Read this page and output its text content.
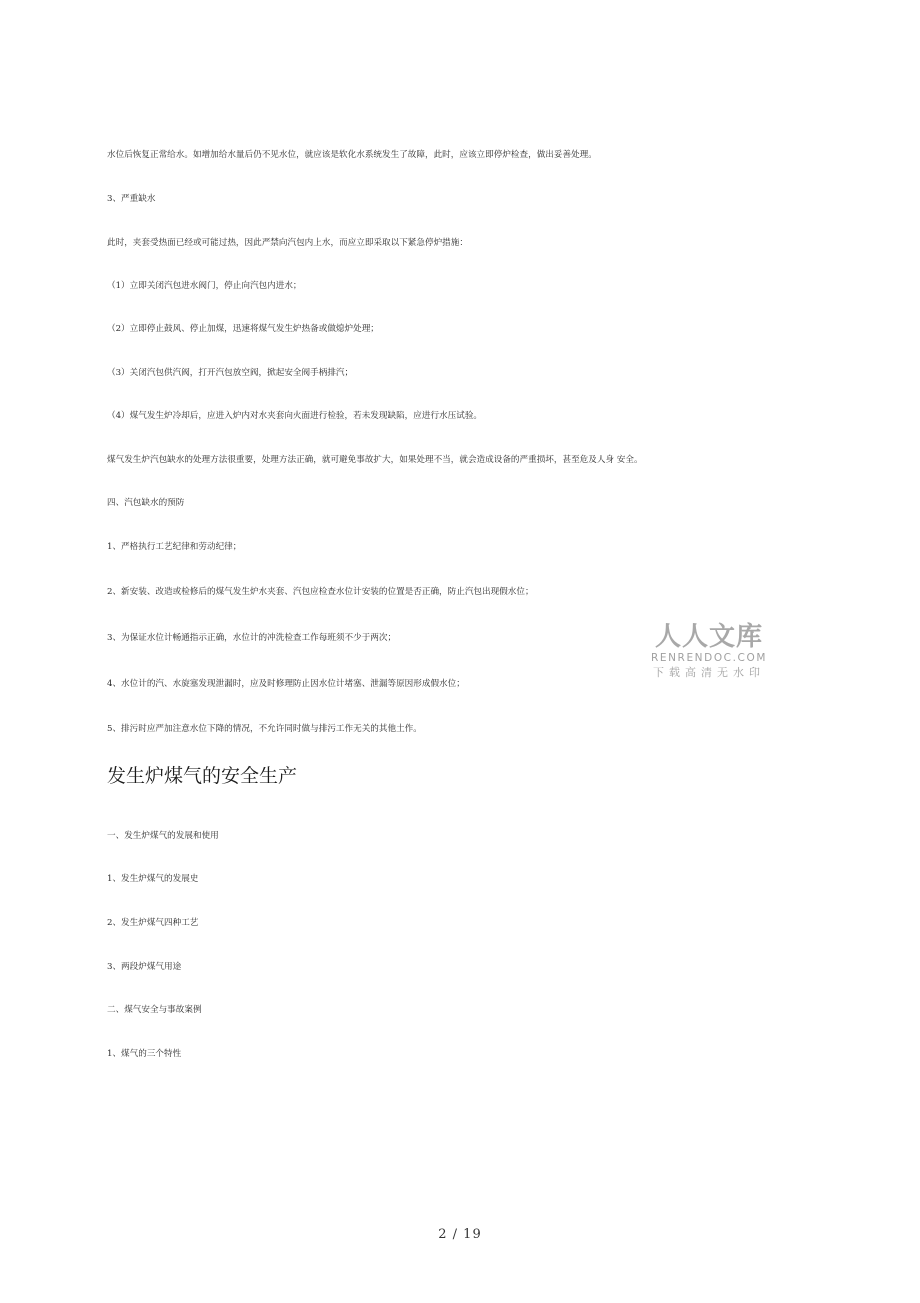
水位后恢复正常给水。如增加给水量后仍不见水位，就应该是软化水系统发生了故障，此时，应该立即停炉检查，做出妥善处理。
3、严重缺水
此时，夹套受热面已经或可能过热，因此严禁向汽包内上水，而应立即采取以下紧急停炉措施：
（1）立即关闭汽包进水阀门，停止向汽包内进水；
（2）立即停止鼓风、停止加煤，迅速将煤气发生炉热备或做熄炉处理；
（3）关闭汽包供汽阀，打开汽包放空阀，掀起安全阀手柄排汽；
（4）煤气发生炉冷却后，应进入炉内对水夹套向火面进行检验，若未发现缺陷，应进行水压试验。
煤气发生炉汽包缺水的处理方法很重要，处理方法正确，就可避免事故扩大，如果处理不当，就会造成设备的严重损坏，甚至危及人身 安全。
四、汽包缺水的预防
1、严格执行工艺纪律和劳动纪律；
2、新安装、改造或检修后的煤气发生炉水夹套、汽包应检查水位计安装的位置是否正确，防止汽包出现假水位；
3、为保证水位计畅通指示正确，水位计的冲洗检查工作每班须不少于两次；
4、水位计的汽、水旋塞发现泄漏时，应及时修理防止因水位计堵塞、泄漏等原因形成假水位；
5、排污时应严加注意水位下降的情况，不允许同时做与排污工作无关的其他土作。
发生炉煤气的安全生产
一、发生炉煤气的发展和使用
1、发生炉煤气的发展史
2、发生炉煤气四种工艺
3、两段炉煤气用途
二、煤气安全与事故案例
1、煤气的三个特性
人人文库
RENRENDOC.COM
下载高清无水印
2 / 19
